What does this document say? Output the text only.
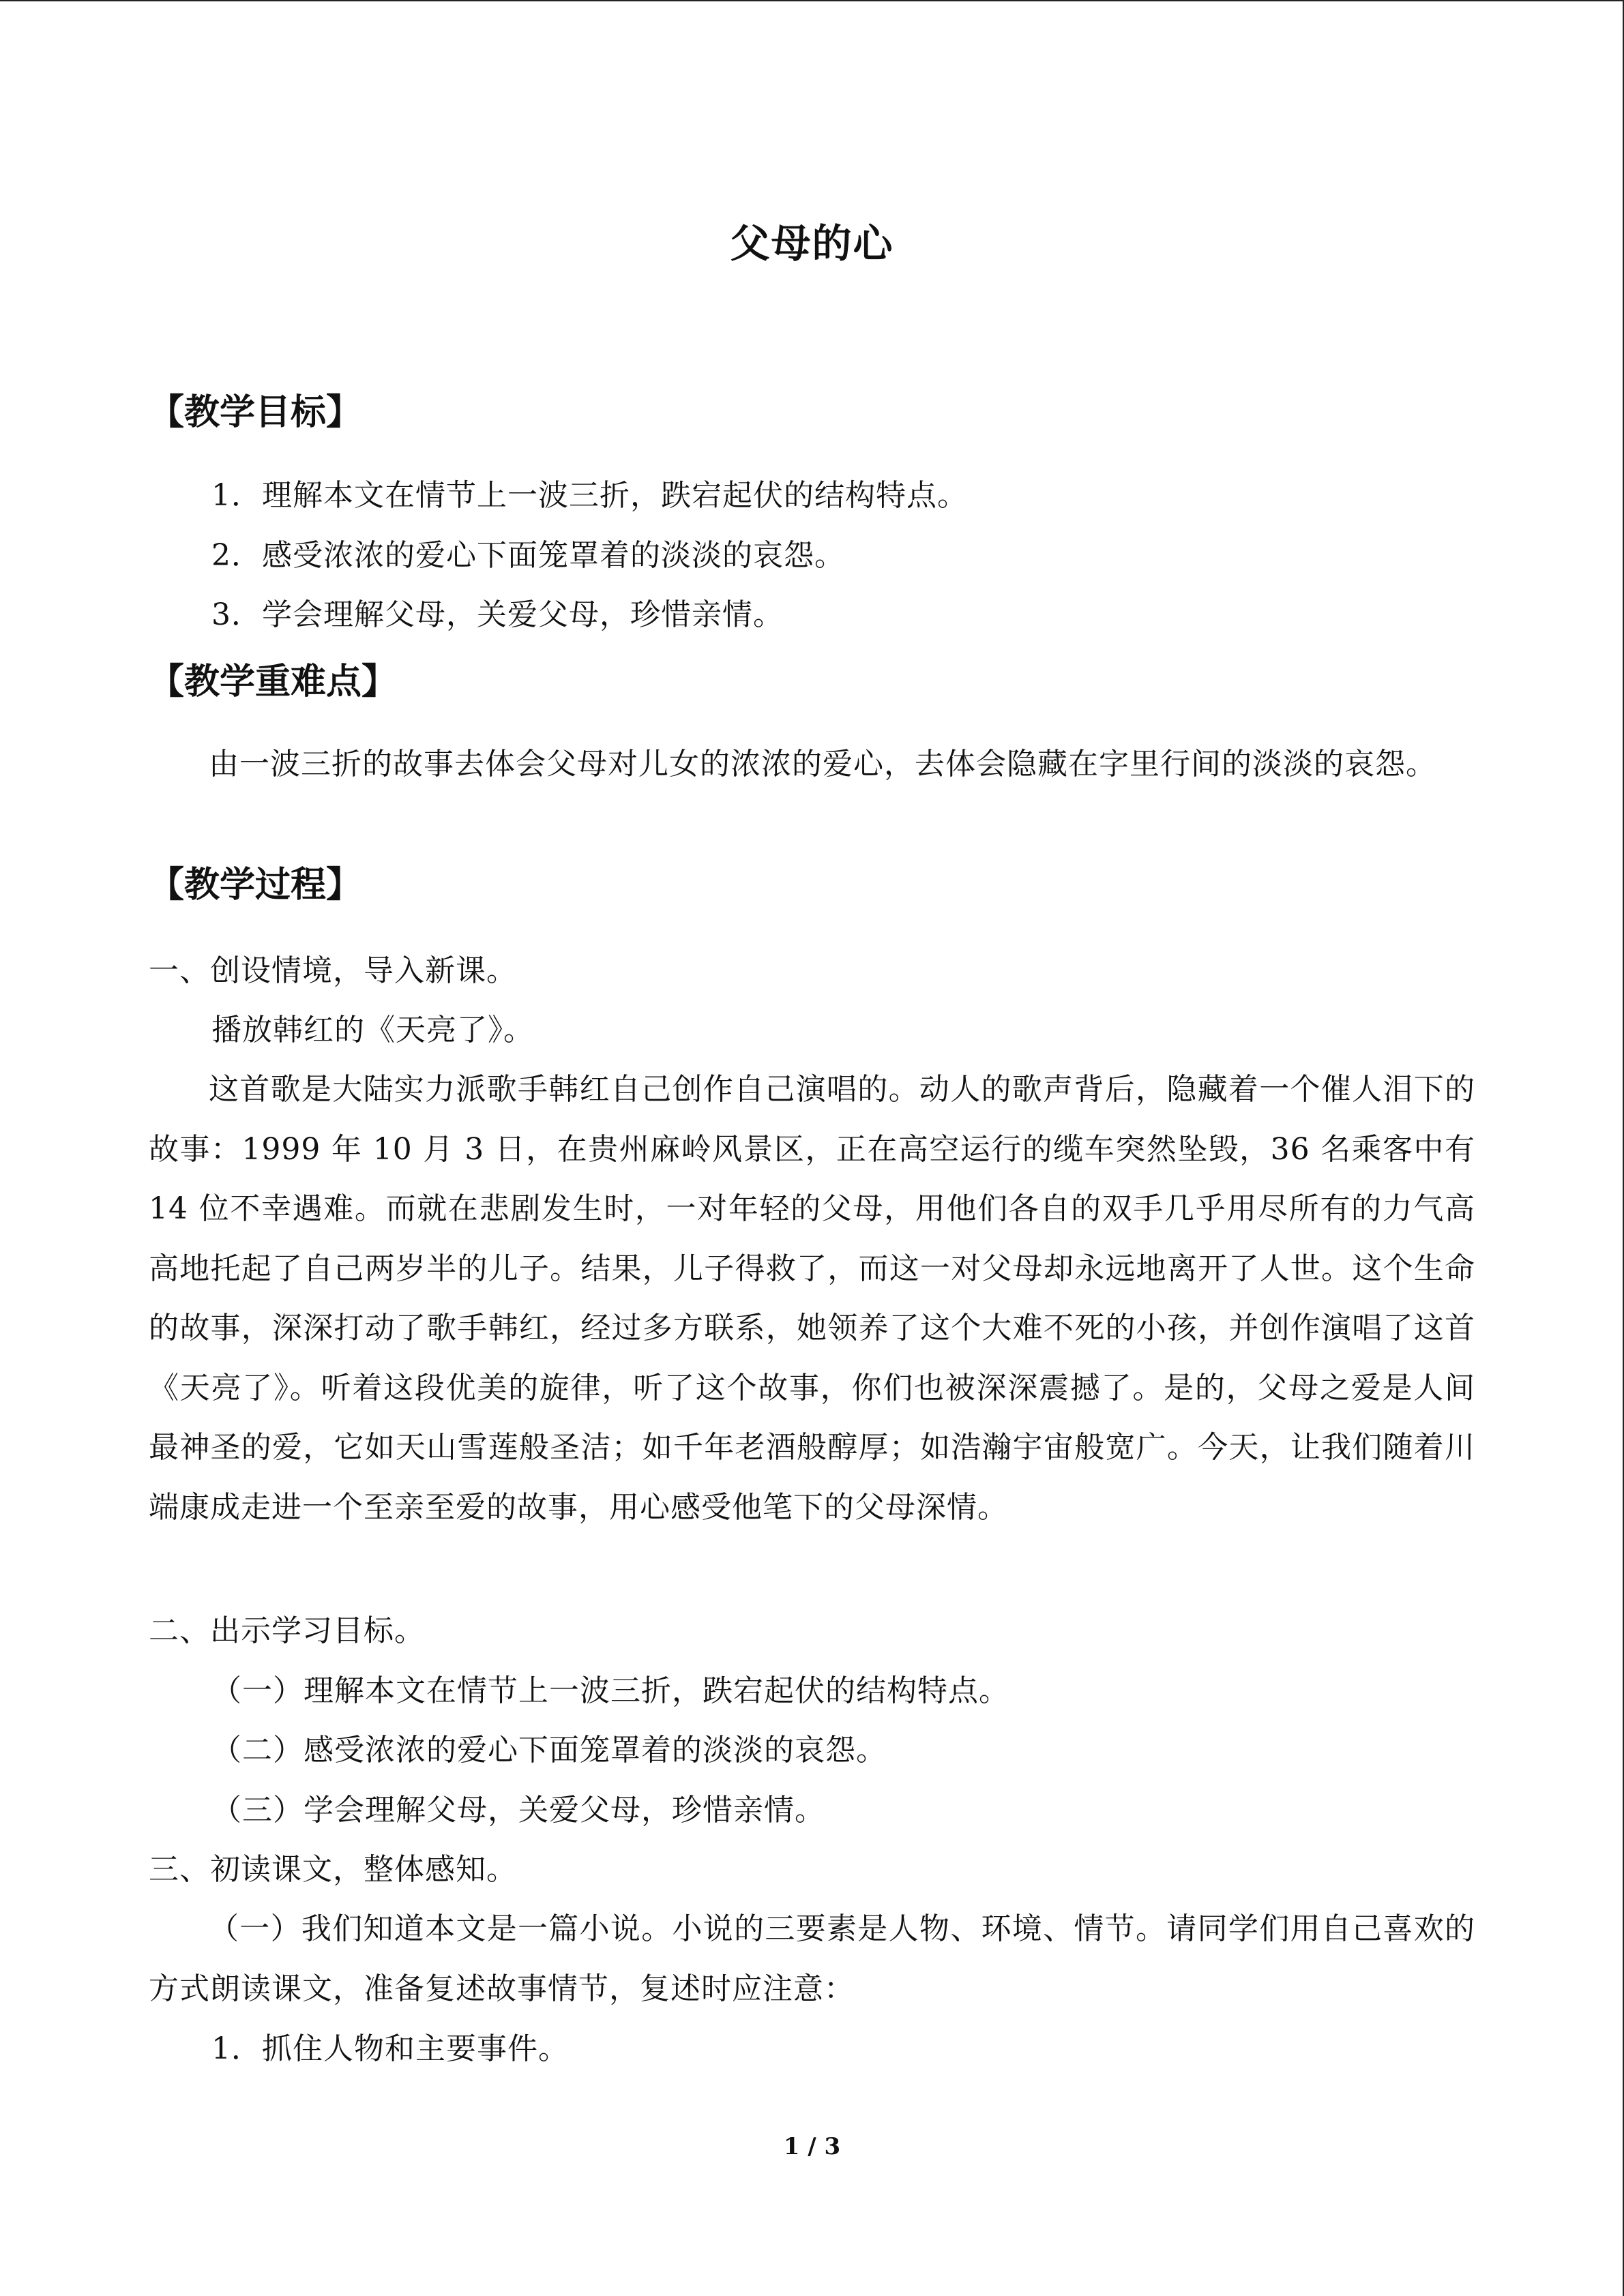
父母的心
【教学目标】
1．理解本文在情节上一波三折，跌宕起伏的结构特点。
2．感受浓浓的爱心下面笼罩着的淡淡的哀怨。
3．学会理解父母，关爱父母，珍惜亲情。
【教学重难点】
由一波三折的故事去体会父母对儿女的浓浓的爱心，去体会隐藏在字里行间的淡淡的哀怨。
【教学过程】
一、创设情境，导入新课。
播放韩红的《天亮了》。
这首歌是大陆实力派歌手韩红自己创作自己演唱的。动人的歌声背后，隐藏着一个催人泪下的故事：1999 年 10 月 3 日，在贵州麻岭风景区，正在高空运行的缆车突然坠毁，36 名乘客中有 14 位不幸遇难。而就在悲剧发生时，一对年轻的父母，用他们各自的双手几乎用尽所有的力气高高地托起了自己两岁半的儿子。结果，儿子得救了，而这一对父母却永远地离开了人世。这个生命的故事，深深打动了歌手韩红，经过多方联系，她领养了这个大难不死的小孩，并创作演唱了这首《天亮了》。听着这段优美的旋律，听了这个故事，你们也被深深震撼了。是的，父母之爱是人间最神圣的爱，它如天山雪莲般圣洁；如千年老酒般醇厚；如浩瀚宇宙般宽广。今天，让我们随着川端康成走进一个至亲至爱的故事，用心感受他笔下的父母深情。
二、出示学习目标。
（一）理解本文在情节上一波三折，跌宕起伏的结构特点。
（二）感受浓浓的爱心下面笼罩着的淡淡的哀怨。
（三）学会理解父母，关爱父母，珍惜亲情。
三、初读课文，整体感知。
（一）我们知道本文是一篇小说。小说的三要素是人物、环境、情节。请同学们用自己喜欢的方式朗读课文，准备复述故事情节，复述时应注意：
1．抓住人物和主要事件。
1 / 3
